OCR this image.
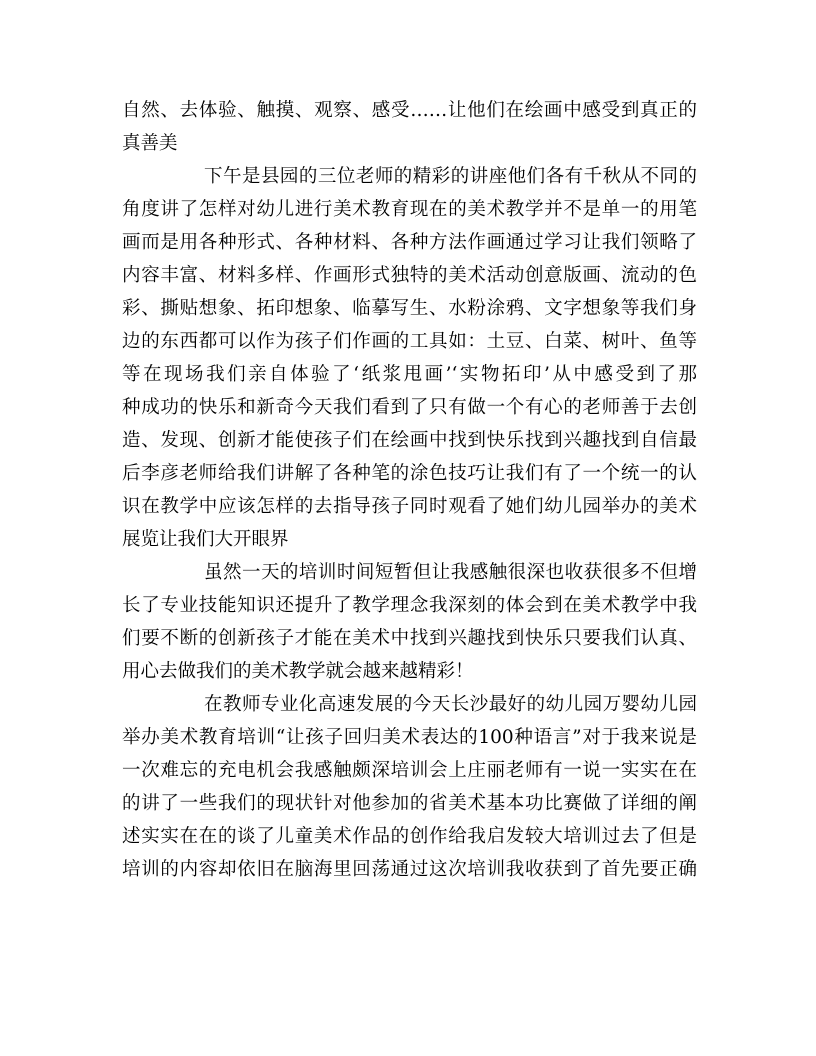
自然、去体验、触摸、观察、感受……让他们在绘画中感受到真正的
真善美
下午是县园的三位老师的精彩的讲座他们各有千秋从不同的
角度讲了怎样对幼儿进行美术教育现在的美术教学并不是单一的用笔
画而是用各种形式、各种材料、各种方法作画通过学习让我们领略了
内容丰富、材料多样、作画形式独特的美术活动创意版画、流动的色
彩、撕贴想象、拓印想象、临摹写生、水粉涂鸦、文字想象等我们身
边的东西都可以作为孩子们作画的工具如：土豆、白菜、树叶、鱼等
等在现场我们亲自体验了‘纸浆甩画’‘实物拓印’从中感受到了那
种成功的快乐和新奇今天我们看到了只有做一个有心的老师善于去创
造、发现、创新才能使孩子们在绘画中找到快乐找到兴趣找到自信最
后李彦老师给我们讲解了各种笔的涂色技巧让我们有了一个统一的认
识在教学中应该怎样的去指导孩子同时观看了她们幼儿园举办的美术
展览让我们大开眼界
虽然一天的培训时间短暂但让我感触很深也收获很多不但增
长了专业技能知识还提升了教学理念我深刻的体会到在美术教学中我
们要不断的创新孩子才能在美术中找到兴趣找到快乐只要我们认真、
用心去做我们的美术教学就会越来越精彩！
在教师专业化高速发展的今天长沙最好的幼儿园万婴幼儿园
举办美术教育培训“让孩子回归美术表达的100种语言”对于我来说是
一次难忘的充电机会我感触颇深培训会上庄丽老师有一说一实实在在
的讲了一些我们的现状针对他参加的省美术基本功比赛做了详细的阐
述实实在在的谈了儿童美术作品的创作给我启发较大培训过去了但是
培训的内容却依旧在脑海里回荡通过这次培训我收获到了首先要正确
